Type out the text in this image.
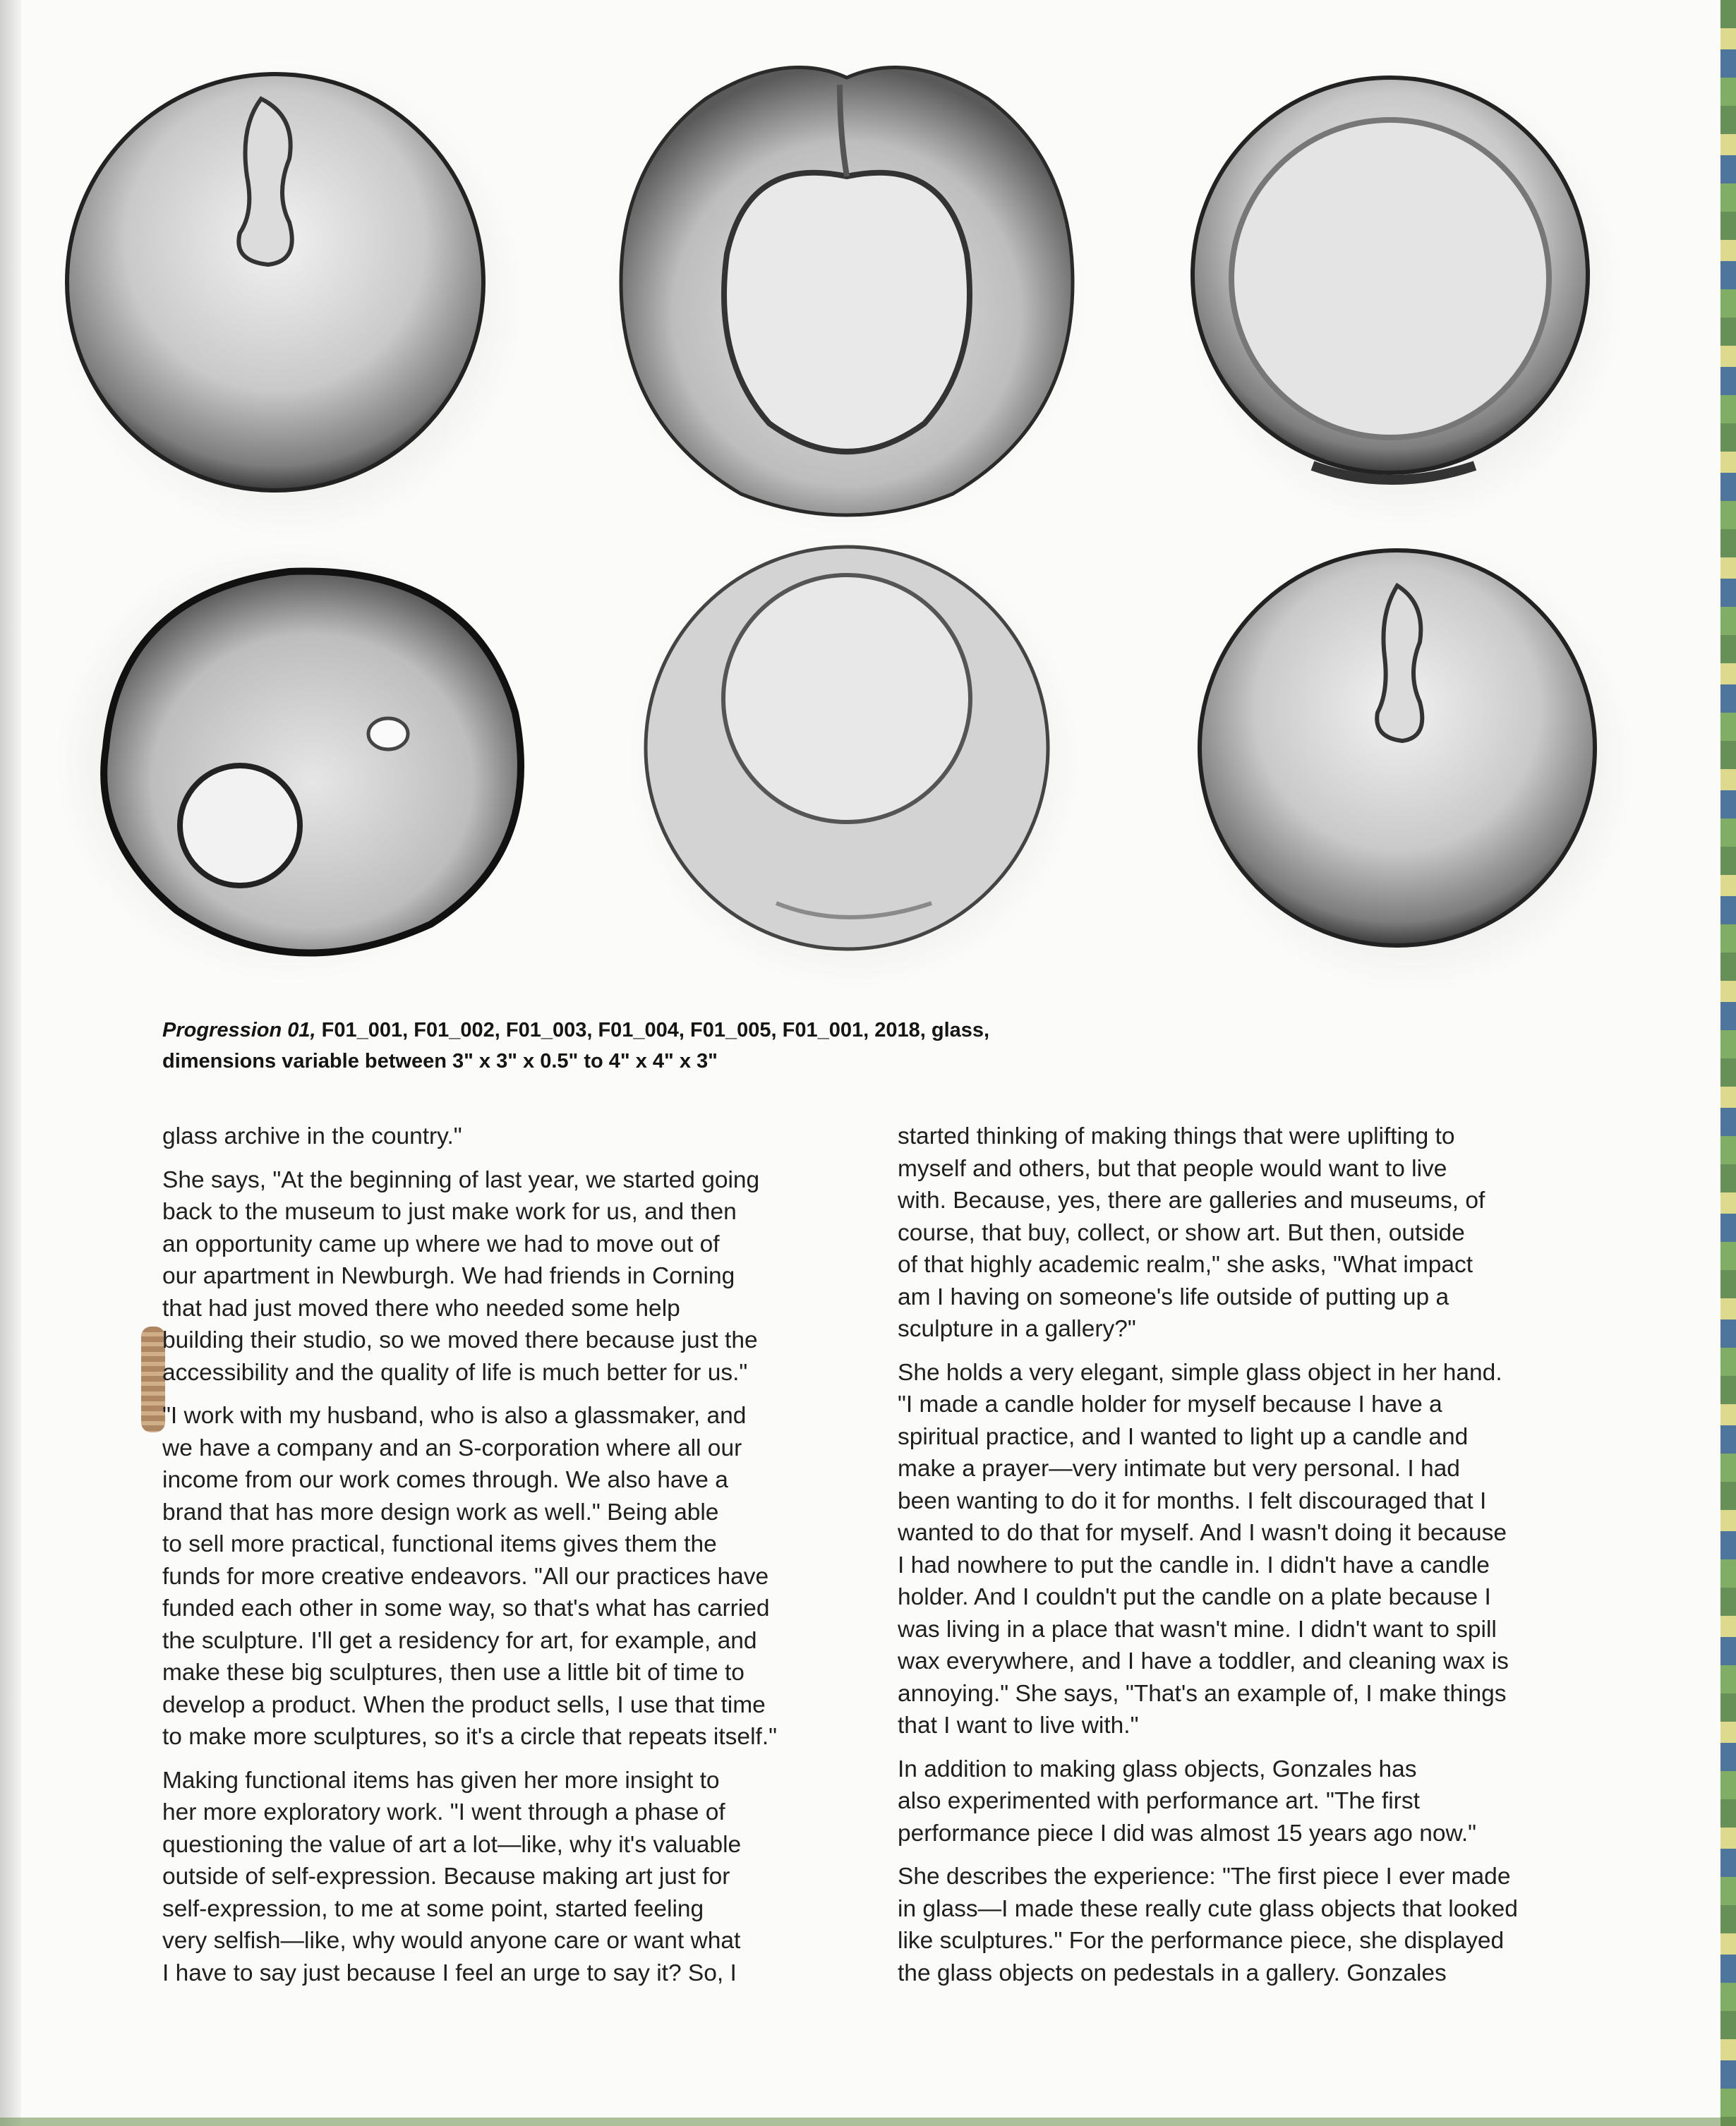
Progression 01, F01_001, F01_002, F01_003, F01_004, F01_005, F01_001, 2018, glass,
dimensions variable between 3" x 3" x 0.5" to 4" x 4" x 3"

glass archive in the country."

She says, "At the beginning of last year, we started going
back to the museum to just make work for us, and then
an opportunity came up where we had to move out of
our apartment in Newburgh. We had friends in Corning
that had just moved there who needed some help
building their studio, so we moved there because just the
accessibility and the quality of life is much better for us."

"I work with my husband, who is also a glassmaker, and
we have a company and an S-corporation where all our
income from our work comes through. We also have a
brand that has more design work as well." Being able
to sell more practical, functional items gives them the
funds for more creative endeavors. "All our practices have
funded each other in some way, so that's what has carried
the sculpture. I'll get a residency for art, for example, and
make these big sculptures, then use a little bit of time to
develop a product. When the product sells, I use that time
to make more sculptures, so it's a circle that repeats itself."

Making functional items has given her more insight to
her more exploratory work. "I went through a phase of
questioning the value of art a lot—like, why it's valuable
outside of self-expression. Because making art just for
self-expression, to me at some point, started feeling
very selfish—like, why would anyone care or want what
I have to say just because I feel an urge to say it? So, I

started thinking of making things that were uplifting to
myself and others, but that people would want to live
with. Because, yes, there are galleries and museums, of
course, that buy, collect, or show art. But then, outside
of that highly academic realm," she asks, "What impact
am I having on someone's life outside of putting up a
sculpture in a gallery?"

She holds a very elegant, simple glass object in her hand.
"I made a candle holder for myself because I have a
spiritual practice, and I wanted to light up a candle and
make a prayer—very intimate but very personal. I had
been wanting to do it for months. I felt discouraged that I
wanted to do that for myself. And I wasn't doing it because
I had nowhere to put the candle in. I didn't have a candle
holder. And I couldn't put the candle on a plate because I
was living in a place that wasn't mine. I didn't want to spill
wax everywhere, and I have a toddler, and cleaning wax is
annoying." She says, "That's an example of, I make things
that I want to live with."

In addition to making glass objects, Gonzales has
also experimented with performance art. "The first
performance piece I did was almost 15 years ago now."

She describes the experience: "The first piece I ever made
in glass—I made these really cute glass objects that looked
like sculptures." For the performance piece, she displayed
the glass objects on pedestals in a gallery. Gonzales
